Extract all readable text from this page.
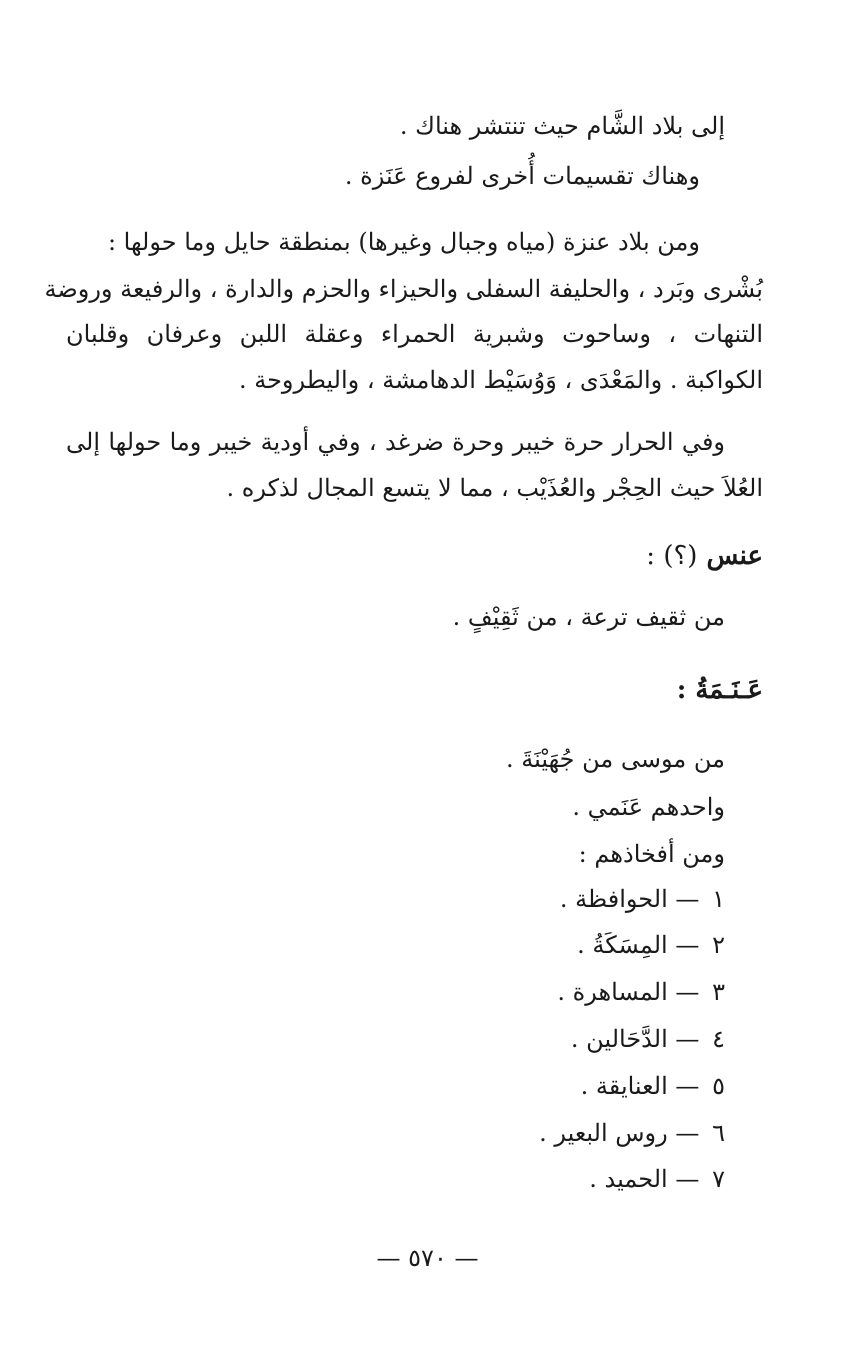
إلى بلاد الشَّام حيث تنتشر هناك .
وهناك تقسيمات أُخرى لفروع عَنَزة .
ومن بلاد عنزة (مياه وجبال وغيرها) بمنطقة حايل وما حولها :
بُشْرى وبَرد ، والحليفة السفلى والحيزاء والحزم والدارة ، والرفيعة وروضة
التنهات ، وساحوت وشبرية الحمراء وعقلة اللبن وعرفان وقلبان
الكواكبة . والمَعْدَى ، وَوُسَيْط الدهامشة ، واليطروحة .
وفي الحرار حرة خيبر وحرة ضرغد ، وفي أودية خيبر وما حولها إلى
العُلاَ حيث الحِجْر والعُذَيْب ، مما لا يتسع المجال لذكره .
عنس (؟) :
من ثقيف ترعة ، من ثَقِيْفٍ .
عَـنَـمَةُ :
من موسى من جُهَيْنَةَ .
واحدهم عَنَمي .
ومن أفخاذهم :
١ — الحوافظة .
٢ — المِسَكَةُ .
٣ — المساهرة .
٤ — الدَّحَالين .
٥ — العنايقة .
٦ — روس البعير .
٧ — الحميد .
— ٥٧٠ —
